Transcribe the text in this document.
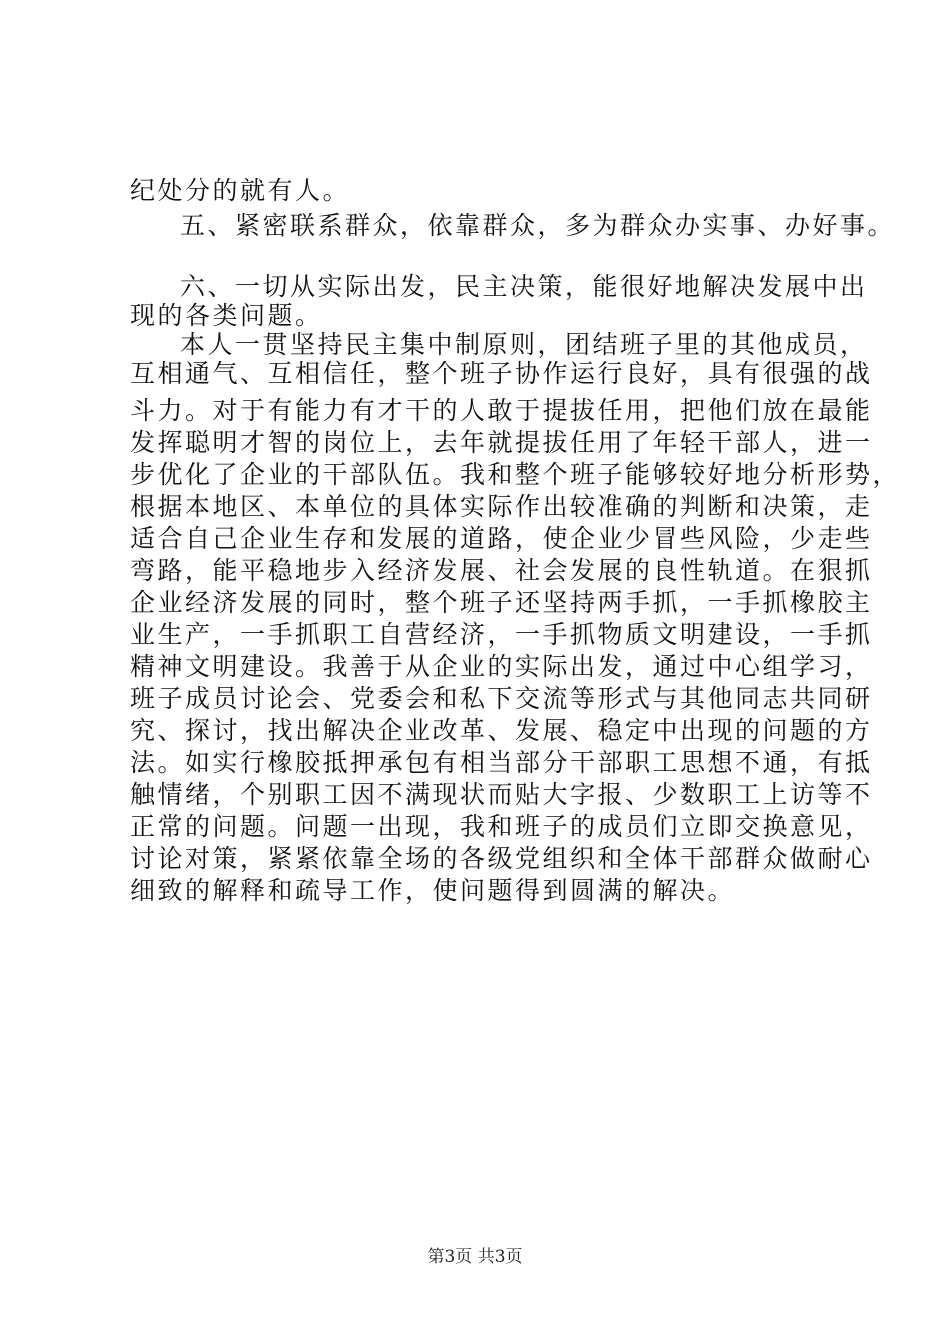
纪处分的就有人。
五、紧密联系群众，依靠群众，多为群众办实事、办好事。
六、一切从实际出发，民主决策，能很好地解决发展中出
现的各类问题。
本人一贯坚持民主集中制原则，团结班子里的其他成员，
互相通气、互相信任，整个班子协作运行良好，具有很强的战
斗力。对于有能力有才干的人敢于提拔任用，把他们放在最能
发挥聪明才智的岗位上，去年就提拔任用了年轻干部人，进一
步优化了企业的干部队伍。我和整个班子能够较好地分析形势，
根据本地区、本单位的具体实际作出较准确的判断和决策，走
适合自己企业生存和发展的道路，使企业少冒些风险，少走些
弯路，能平稳地步入经济发展、社会发展的良性轨道。在狠抓
企业经济发展的同时，整个班子还坚持两手抓，一手抓橡胶主
业生产，一手抓职工自营经济，一手抓物质文明建设，一手抓
精神文明建设。我善于从企业的实际出发，通过中心组学习，
班子成员讨论会、党委会和私下交流等形式与其他同志共同研
究、探讨，找出解决企业改革、发展、稳定中出现的问题的方
法。如实行橡胶抵押承包有相当部分干部职工思想不通，有抵
触情绪，个别职工因不满现状而贴大字报、少数职工上访等不
正常的问题。问题一出现，我和班子的成员们立即交换意见，
讨论对策，紧紧依靠全场的各级党组织和全体干部群众做耐心
细致的解释和疏导工作，使问题得到圆满的解决。
第3页 共3页
